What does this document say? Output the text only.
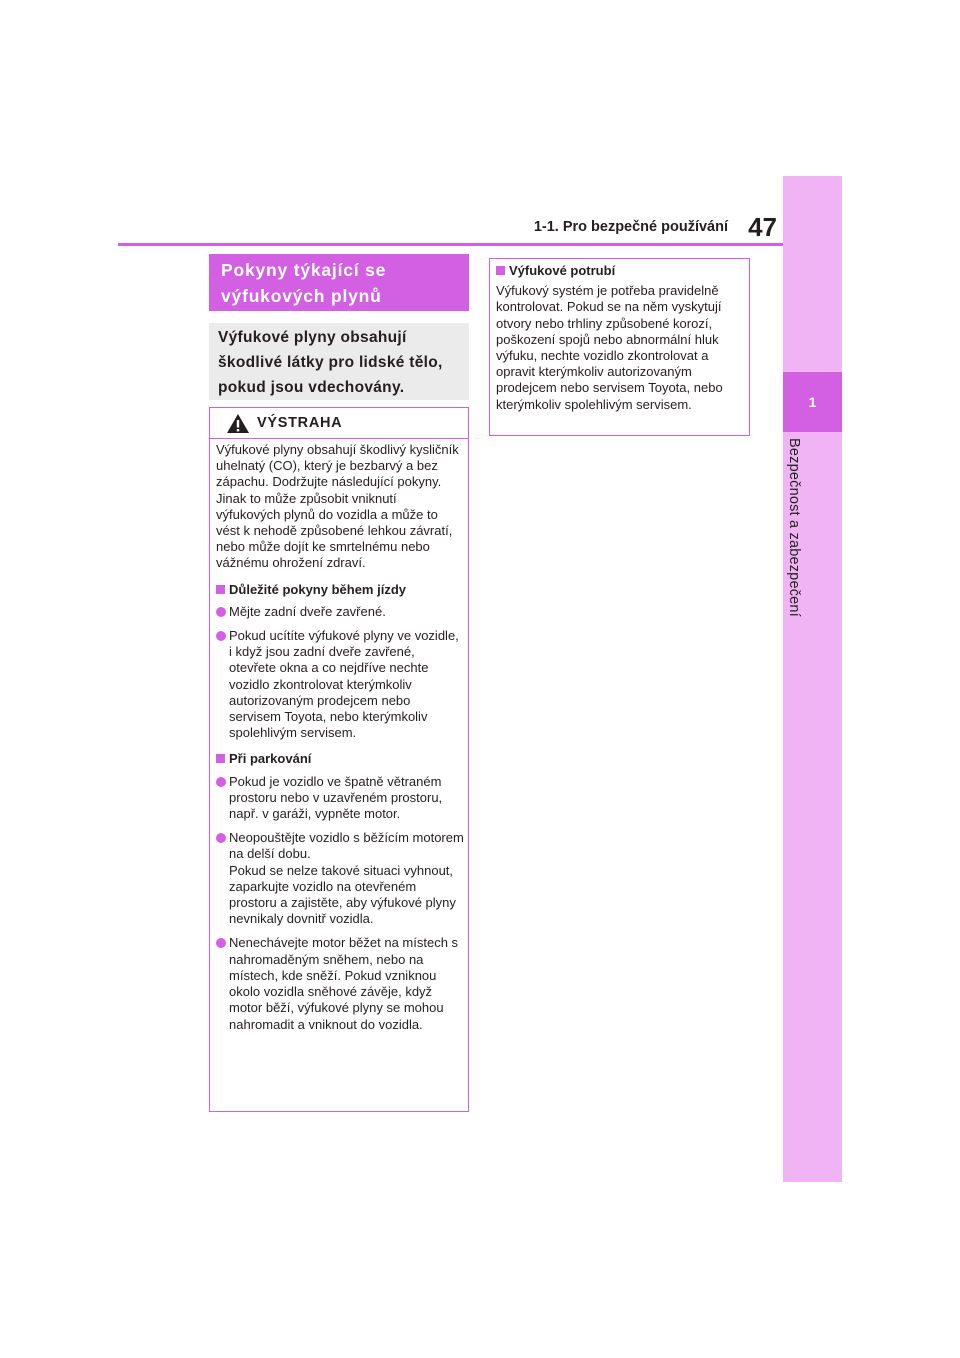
1
Bezpečnost a zabezpečení
1-1. Pro bezpečné používání 47
Pokyny týkající se výfukových plynů
Výfukové plyny obsahují škodlivé látky pro lidské tělo, pokud jsou vdechovány.
VÝSTRAHA

Výfukové plyny obsahují škodlivý kysličník uhelnatý (CO), který je bezbarvý a bez zápachu. Dodržujte následující pokyny.

Jinak to může způsobit vniknutí výfukových plynů do vozidla a může to vést k nehodě způsobené lehkou závratí, nebo může dojít ke smrtelnému nebo vážnému ohrožení zdraví.

Důležité pokyny během jízdy

Mějte zadní dveře zavřené.

Pokud ucítíte výfukové plyny ve vozidle, i když jsou zadní dveře zavřené, otevřete okna a co nejdříve nechte vozidlo zkontrolovat kterýmkoliv autorizovaným prodejcem nebo servisem Toyota, nebo kterýmkoliv spolehlivým servisem.

Při parkování

Pokud je vozidlo ve špatně větraném prostoru nebo v uzavřeném prostoru, např. v garáži, vypněte motor.

Neopouštějte vozidlo s běžícím motorem na delší dobu.
Pokud se nelze takové situaci vyhnout, zaparkujte vozidlo na otevřeném prostoru a zajistěte, aby výfukové plyny nevnikaly dovnitř vozidla.

Nenechávejte motor běžet na místech s nahromaděným sněhem, nebo na místech, kde sněží. Pokud vzniknou okolo vozidla sněhové závěje, když motor běží, výfukové plyny se mohou nahromadit a vniknout do vozidla.

Výfukové potrubí

Výfukový systém je potřeba pravidelně kontrolovat. Pokud se na něm vyskytují otvory nebo trhliny způsobené korozí, poškození spojů nebo abnormální hluk výfuku, nechte vozidlo zkontrolovat a opravit kterýmkoliv autorizovaným prodejcem nebo servisem Toyota, nebo kterýmkoliv spolehlivým servisem.
